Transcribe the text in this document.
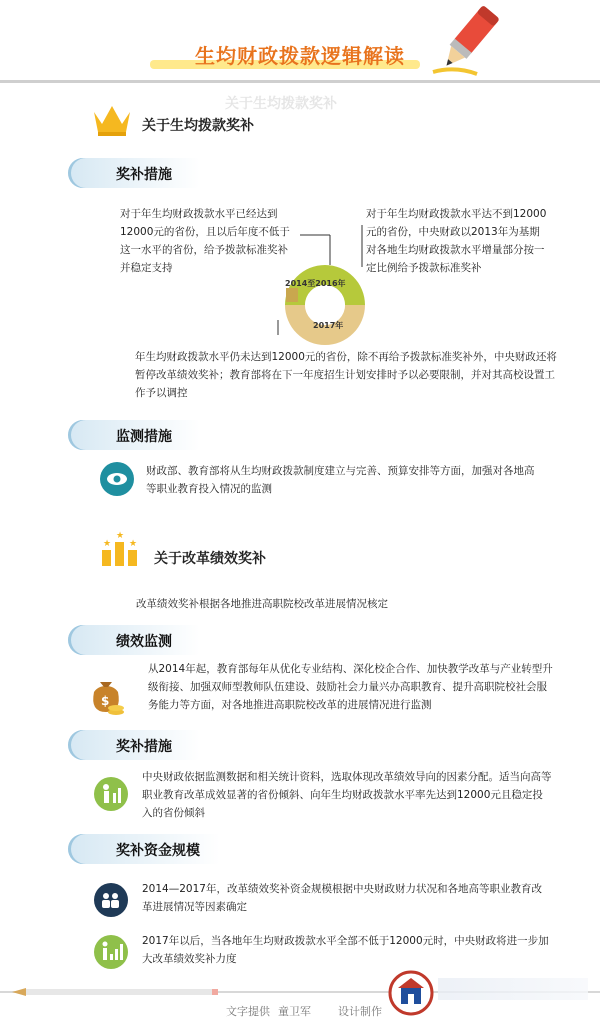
生均财政拨款逻辑解读
关于生均拨款奖补
关于生均拨款奖补
奖补措施
对于年生均财政拨款水平已经达到12000元的省份，且以后年度不低于这一水平的省份，给予拨款标准奖补并稳定支持
对于年生均财政拨款水平达不到12000元的省份，中央财政以2013年为基期对各地生均财政拨款水平增量部分按一定比例给予拨款标准奖补
2014至2016年
2017年
年生均财政拨款水平仍未达到12000元的省份，除不再给予拨款标准奖补外，中央财政还将暂停改革绩效奖补；教育部将在下一年度招生计划安排时予以必要限制，并对其高校设置工作予以调控
监测措施
财政部、教育部将从生均财政拨款制度建立与完善、预算安排等方面，加强对各地高等职业教育投入情况的监测
★
★
★
关于改革绩效奖补
改革绩效奖补根据各地推进高职院校改革进展情况核定
绩效监测
$
从2014年起，教育部每年从优化专业结构、深化校企合作、加快教学改革与产业转型升级衔接、加强双师型教师队伍建设、鼓励社会力量兴办高职教育、提升高职院校社会服务能力等方面，对各地推进高职院校改革的进展情况进行监测
奖补措施
中央财政依据监测数据和相关统计资料，选取体现改革绩效导向的因素分配。适当向高等职业教育改革成效显著的省份倾斜、向年生均财政拨款水平率先达到12000元且稳定投入的省份倾斜
奖补资金规模
2014—2017年，改革绩效奖补资金规模根据中央财政财力状况和各地高等职业教育改革进展情况等因素确定
2017年以后，当各地年生均财政拨款水平全部不低于12000元时，中央财政将进一步加大改革绩效奖补力度
文字提供 童卫军 设计制作
